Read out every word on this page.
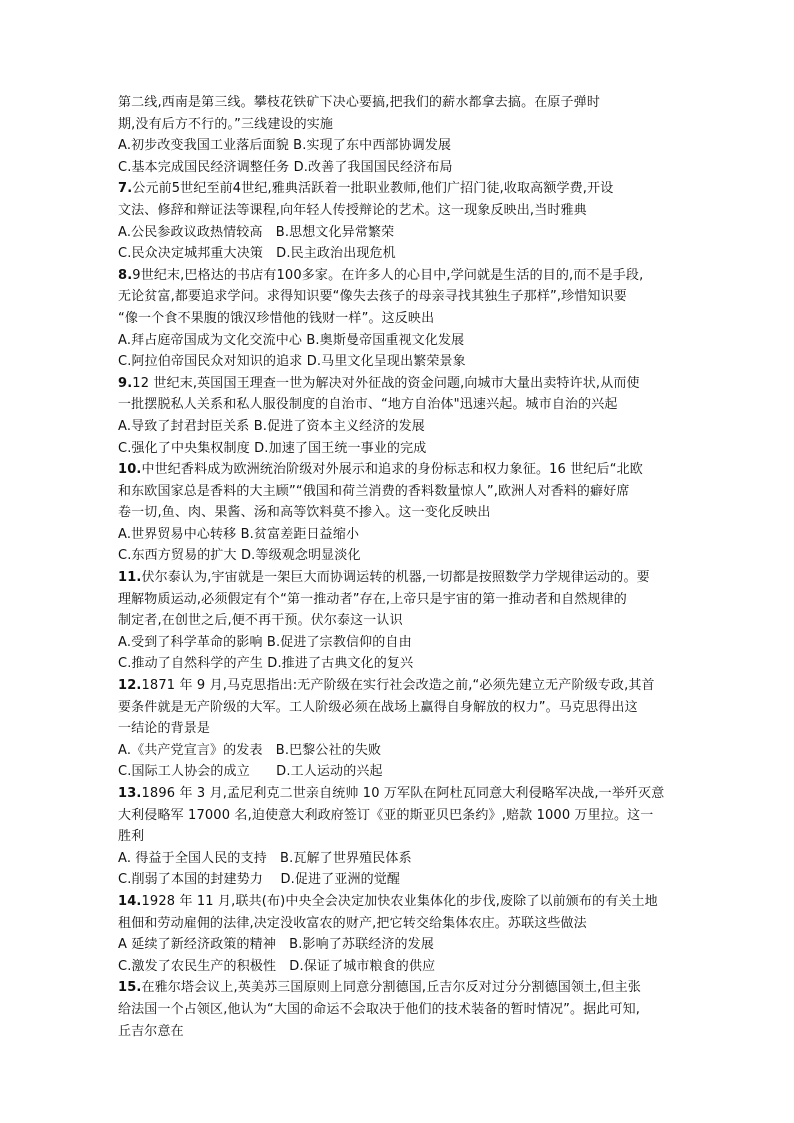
第二线,西南是第三线。攀枝花铁矿下决心要搞,把我们的薪水都拿去搞。在原子弹时
期,没有后方不行的。”三线建设的实施
A.初步改变我国工业落后面貌 B.实现了东中西部协调发展
C.基本完成国民经济调整任务 D.改善了我国国民经济布局
7.公元前5世纪至前4世纪,雅典活跃着一批职业教师,他们广招门徒,收取高额学费,开设
文法、修辞和辩证法等课程,向年轻人传授辩论的艺术。这一现象反映出,当时雅典
A.公民参政议政热情较高　B.思想文化异常繁荣
C.民众决定城邦重大决策　D.民主政治出现危机
8.9世纪末,巴格达的书店有100多家。在许多人的心目中,学问就是生活的目的,而不是手段,
无论贫富,都要追求学问。求得知识要“像失去孩子的母亲寻找其独生子那样”,珍惜知识要
“像一个食不果腹的饿汉珍惜他的钱财一样”。这反映出
A.拜占庭帝国成为文化交流中心 B.奥斯曼帝国重视文化发展
C.阿拉伯帝国民众对知识的追求 D.马里文化呈现出繁荣景象
9.12 世纪末,英国国王理查一世为解决对外征战的资金问题,向城市大量出卖特许状,从而使
一批摆脱私人关系和私人服役制度的自治市、“地方自治体"迅速兴起。城市自治的兴起
A.导致了封君封臣关系 B.促进了资本主义经济的发展
C.强化了中央集权制度 D.加速了国王统一事业的完成
10.中世纪香料成为欧洲统治阶级对外展示和追求的身份标志和权力象征。16 世纪后“北欧
和东欧国家总是香料的大主顾”“俄国和荷兰消费的香料数量惊人”,欧洲人对香料的癖好席
卷一切,鱼、肉、果酱、汤和高等饮料莫不掺入。这一变化反映出
A.世界贸易中心转移 B.贫富差距日益缩小
C.东西方贸易的扩大 D.等级观念明显淡化
11.伏尔泰认为,宇宙就是一架巨大而协调运转的机器,一切都是按照数学力学规律运动的。要
理解物质运动,必须假定有个“第一推动者”存在,上帝只是宇宙的第一推动者和自然规律的
制定者,在创世之后,便不再干预。伏尔泰这一认识
A.受到了科学革命的影响 B.促进了宗教信仰的自由
C.推动了自然科学的产生 D.推进了古典文化的复兴
12.1871 年 9 月,马克思指出:无产阶级在实行社会改造之前,“必须先建立无产阶级专政,其首
要条件就是无产阶级的大军。工人阶级必须在战场上赢得自身解放的权力”。马克思得出这
一结论的背景是
A.《共产党宣言》的发表　B.巴黎公社的失败
C.国际工人协会的成立　　D.工人运动的兴起
13.1896 年 3 月,孟尼利克二世亲自统帅 10 万军队在阿杜瓦同意大利侵略军决战,一举歼灭意
大利侵略军 17000 名,迫使意大利政府签订《亚的斯亚贝巴条约》,赔款 1000 万里拉。这一
胜利
A. 得益于全国人民的支持　B.瓦解了世界殖民体系
C.削弱了本国的封建势力　 D.促进了亚洲的觉醒
14.1928 年 11 月,联共(布)中央全会决定加快农业集体化的步伐,废除了以前颁布的有关土地
租佃和劳动雇佣的法律,决定没收富农的财产,把它转交给集体农庄。苏联这些做法
A 延续了新经济政策的精神　B.影响了苏联经济的发展
C.激发了农民生产的积极性　D.保证了城市粮食的供应
15.在雅尔塔会议上,英美苏三国原则上同意分割德国,丘吉尔反对过分分割德国领土,但主张
给法国一个占领区,他认为“大国的命运不会取决于他们的技术装备的暂时情况”。据此可知,
丘吉尔意在
